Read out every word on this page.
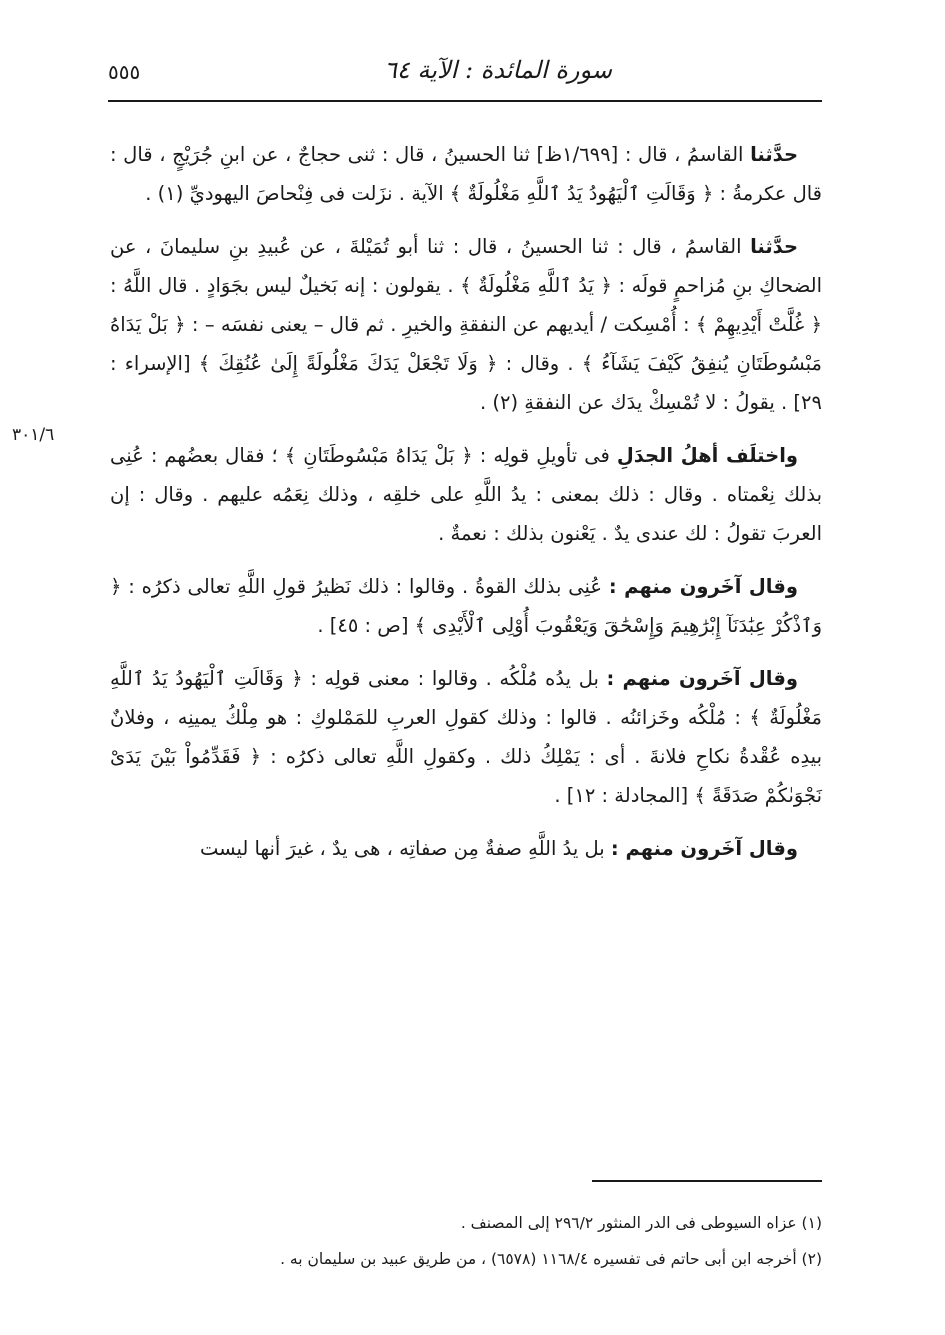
سورة المائدة : الآية ٦٤
٥٥٥
٣٠١/٦

حدَّثنا القاسمُ ، قال : [١/٦٩٩ظ] ثنا الحسينُ ، قال : ثنى حجاجٌ ، عن ابنِ جُرَيْجٍ ، قال : قال عكرمةُ : ﴿ وَقَالَتِ ٱلْيَهُودُ يَدُ ٱللَّهِ مَغْلُولَةٌ ﴾ الآية . نزَلت فى فِنْحاصَ اليهوديِّ (١) .

حدَّثنا القاسمُ ، قال : ثنا الحسينُ ، قال : ثنا أبو تُمَيْلةَ ، عن عُبيدِ بنِ سليمانَ ، عن الضحاكِ بنِ مُزاحمٍ قولَه : ﴿ يَدُ ٱللَّهِ مَغْلُولَةٌ ﴾ . يقولون : إنه بَخيلٌ ليس بجَوَادٍ . قال اللَّهُ : ﴿ غُلَّتْ أَيْدِيهِمْ ﴾ : أُمْسِكت / أيديهم عن النفقةِ والخيرِ . ثم قال – يعنى نفسَه – : ﴿ بَلْ يَدَاهُ مَبْسُوطَتَانِ يُنفِقُ كَيْفَ يَشَآءُ ﴾ . وقال : ﴿ وَلَا تَجْعَلْ يَدَكَ مَغْلُولَةً إِلَىٰ عُنُقِكَ ﴾ [الإسراء : ٢٩] . يقولُ : لا تُمْسِكْ يدَك عن النفقةِ (٢) .

واختلَف أهلُ الجدَلِ فى تأويلِ قولِه : ﴿ بَلْ يَدَاهُ مَبْسُوطَتَانِ ﴾ ؛ فقال بعضُهم : عُنِى بذلك نِعْمتاه . وقال : ذلك بمعنى : يدُ اللَّهِ على خلقِه ، وذلك نِعَمُه عليهم . وقال : إن العربَ تقولُ : لك عندى يدٌ . يَعْنون بذلك : نعمةٌ .

وقال آخَرون منهم : عُنِى بذلك القوةُ . وقالوا : ذلك نَظيرُ قولِ اللَّهِ تعالى ذكرُه : ﴿ وَٱذْكُرْ عِبَٰدَنَآ إِبْرَٰهِيمَ وَإِسْحَٰقَ وَيَعْقُوبَ أُوْلِى ٱلْأَيْدِى ﴾ [ص : ٤٥] .

وقال آخَرون منهم : بل يدُه مُلْكُه . وقالوا : معنى قولِه : ﴿ وَقَالَتِ ٱلْيَهُودُ يَدُ ٱللَّهِ مَغْلُولَةٌ ﴾ : مُلْكُه وخَزائنُه . قالوا : وذلك كقولِ العربِ للمَمْلوكِ : هو مِلْكُ يمينِه ، وفلانٌ بيدِه عُقْدةُ نكاحِ فلانةَ . أى : يَمْلِكُ ذلك . وكقولِ اللَّهِ تعالى ذكرُه : ﴿ فَقَدِّمُواْ بَيْنَ يَدَىْ نَجْوَىٰكُمْ صَدَقَةً ﴾ [المجادلة : ١٢] .

وقال آخَرون منهم : بل يدُ اللَّهِ صفةٌ مِن صفاتِه ، هى يدٌ ، غيرَ أنها ليست

(١) عزاه السيوطى فى الدر المنثور ٢٩٦/٢ إلى المصنف .

(٢) أخرجه ابن أبى حاتم فى تفسيره ١١٦٨/٤ (٦٥٧٨) ، من طريق عبيد بن سليمان به .
